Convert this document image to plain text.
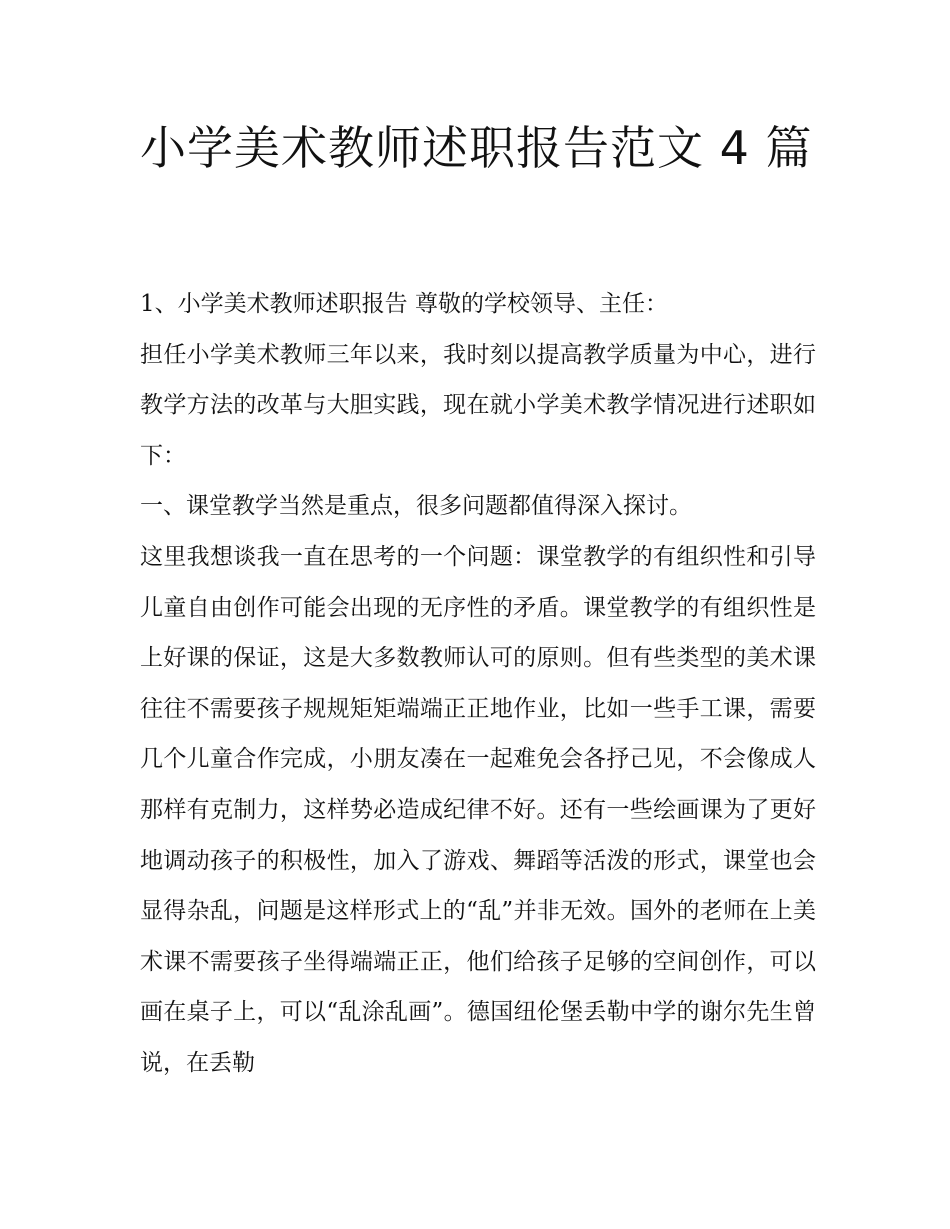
小学美术教师述职报告范文 4 篇

1、小学美术教师述职报告 尊敬的学校领导、主任：

担任小学美术教师三年以来，我时刻以提高教学质量为中心，进行教学方法的改革与大胆实践，现在就小学美术教学情况进行述职如下：

一、课堂教学当然是重点，很多问题都值得深入探讨。

这里我想谈我一直在思考的一个问题：课堂教学的有组织性和引导儿童自由创作可能会出现的无序性的矛盾。课堂教学的有组织性是上好课的保证，这是大多数教师认可的原则。但有些类型的美术课往往不需要孩子规规矩矩端端正正地作业，比如一些手工课，需要几个儿童合作完成，小朋友凑在一起难免会各抒己见，不会像成人那样有克制力，这样势必造成纪律不好。还有一些绘画课为了更好地调动孩子的积极性，加入了游戏、舞蹈等活泼的形式，课堂也会显得杂乱，问题是这样形式上的“乱”并非无效。国外的老师在上美术课不需要孩子坐得端端正正，他们给孩子足够的空间创作，可以画在桌子上，可以“乱涂乱画”。德国纽伦堡丢勒中学的谢尔先生曾说，在丢勒
